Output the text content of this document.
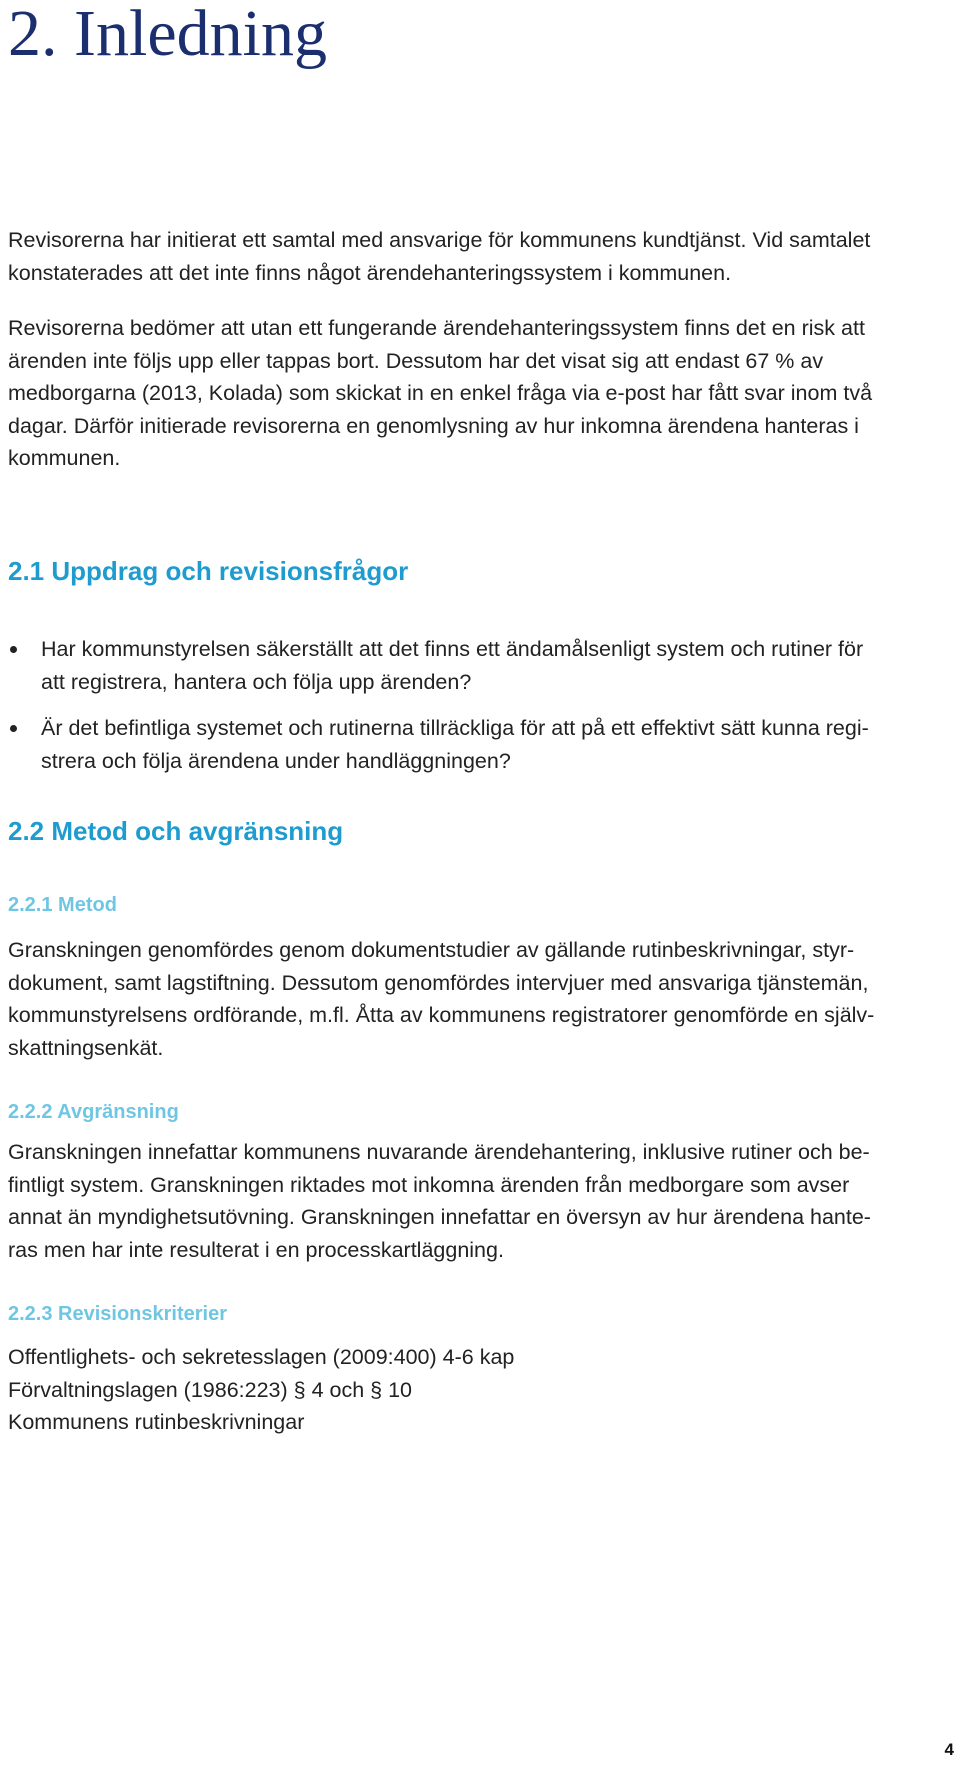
2. Inledning

Revisorerna har initierat ett samtal med ansvarige för kommunens kundtjänst. Vid samtalet
konstaterades att det inte finns något ärendehanteringssystem i kommunen.

Revisorerna bedömer att utan ett fungerande ärendehanteringssystem finns det en risk att
ärenden inte följs upp eller tappas bort. Dessutom har det visat sig att endast 67 % av
medborgarna (2013, Kolada) som skickat in en enkel fråga via e-post har fått svar inom två
dagar. Därför initierade revisorerna en genomlysning av hur inkomna ärendena hanteras i
kommunen.

2.1 Uppdrag och revisionsfrågor

Har kommunstyrelsen säkerställt att det finns ett ändamålsenligt system och rutiner för
att registrera, hantera och följa upp ärenden?

Är det befintliga systemet och rutinerna tillräckliga för att på ett effektivt sätt kunna regi-
strera och följa ärendena under handläggningen?

2.2 Metod och avgränsning
2.2.1 Metod

Granskningen genomfördes genom dokumentstudier av gällande rutinbeskrivningar, styr-
dokument, samt lagstiftning. Dessutom genomfördes intervjuer med ansvariga tjänstemän,
kommunstyrelsens ordförande, m.fl. Åtta av kommunens registratorer genomförde en själv-
skattningsenkät.

2.2.2 Avgränsning

Granskningen innefattar kommunens nuvarande ärendehantering, inklusive rutiner och be-
fintligt system. Granskningen riktades mot inkomna ärenden från medborgare som avser
annat än myndighetsutövning. Granskningen innefattar en översyn av hur ärendena hante-
ras men har inte resulterat i en processkartläggning.

2.2.3 Revisionskriterier

Offentlighets- och sekretesslagen (2009:400) 4-6 kap
Förvaltningslagen (1986:223) § 4 och § 10
Kommunens rutinbeskrivningar

4
